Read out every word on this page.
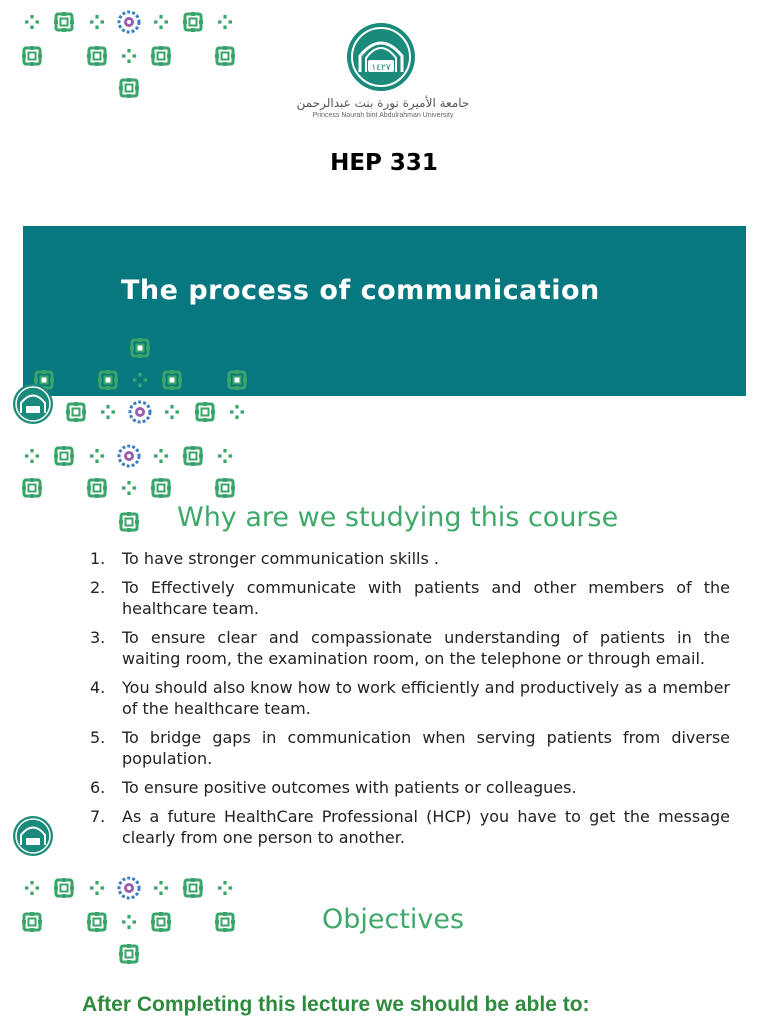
١٤٢٧
جامعة الأميرة نورة بنت عبدالرحمن
Princess Nourah bint Abdulrahman University
HEP 331
The process of communication
Why are we studying this course
1. To have stronger communication skills .
2. To Effectively communicate with patients and other members of the healthcare team.
3. To ensure clear and compassionate understanding of patients in the waiting room, the examination room, on the telephone or through email.
4. You should also know how to work efficiently and productively as a member of the healthcare team.
5. To bridge gaps in communication when serving patients from diverse population.
6. To ensure positive outcomes with patients or colleagues.
7. As a future HealthCare Professional (HCP) you have to get the message clearly from one person to another.
Objectives
After Completing this lecture we should be able to:
